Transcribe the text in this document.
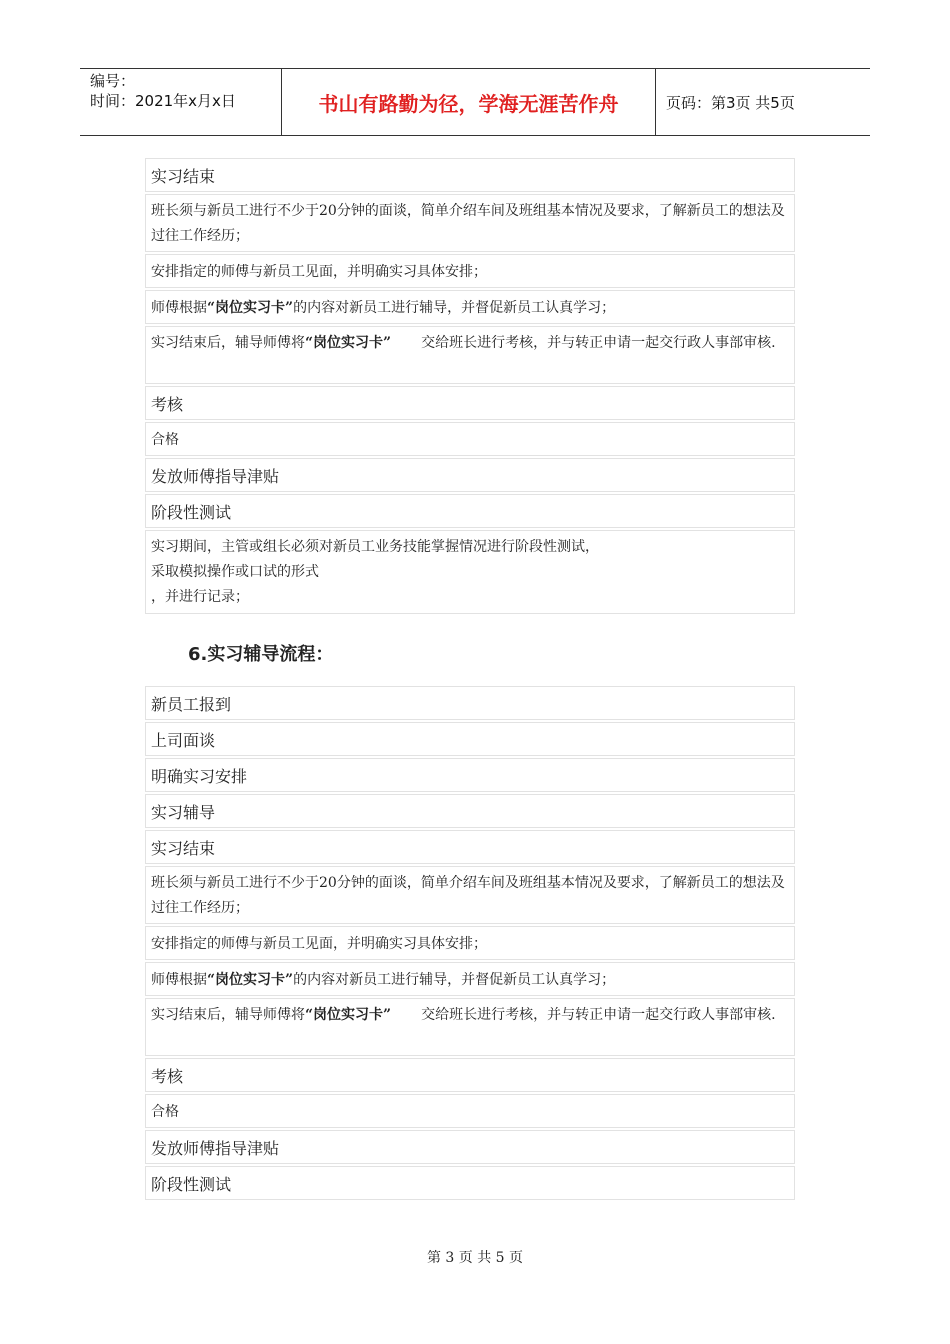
编号：
时间：2021年x月x日	书山有路勤为径，学海无涯苦作舟	页码：第3页 共5页
实习结束
班长须与新员工进行不少于20分钟的面谈，简单介绍车间及班组基本情况及要求，了解新员工的想法及过往工作经历；
安排指定的师傅与新员工见面，并明确实习具体安排；
师傅根据 “岗位实习卡” 的内容对新员工进行辅导，并督促新员工认真学习；
实习结束后，辅导师傅将“岗位实习卡” 交给班长进行考核，并与转正申请一起交行政人事部审核.
考核
合格
发放师傅指导津贴
阶段性测试
实习期间，主管或组长必须对新员工业务技能掌握情况进行阶段性测试，
采取模拟操作或口试的形式
，并进行记录；
6.实习辅导流程：
新员工报到
上司面谈
明确实习安排
实习辅导
实习结束
班长须与新员工进行不少于20分钟的面谈，简单介绍车间及班组基本情况及要求，了解新员工的想法及过往工作经历；
安排指定的师傅与新员工见面，并明确实习具体安排；
师傅根据 “岗位实习卡” 的内容对新员工进行辅导，并督促新员工认真学习；
实习结束后，辅导师傅将“岗位实习卡” 交给班长进行考核，并与转正申请一起交行政人事部审核.
考核
合格
发放师傅指导津贴
阶段性测试
第 3 页 共 5 页
